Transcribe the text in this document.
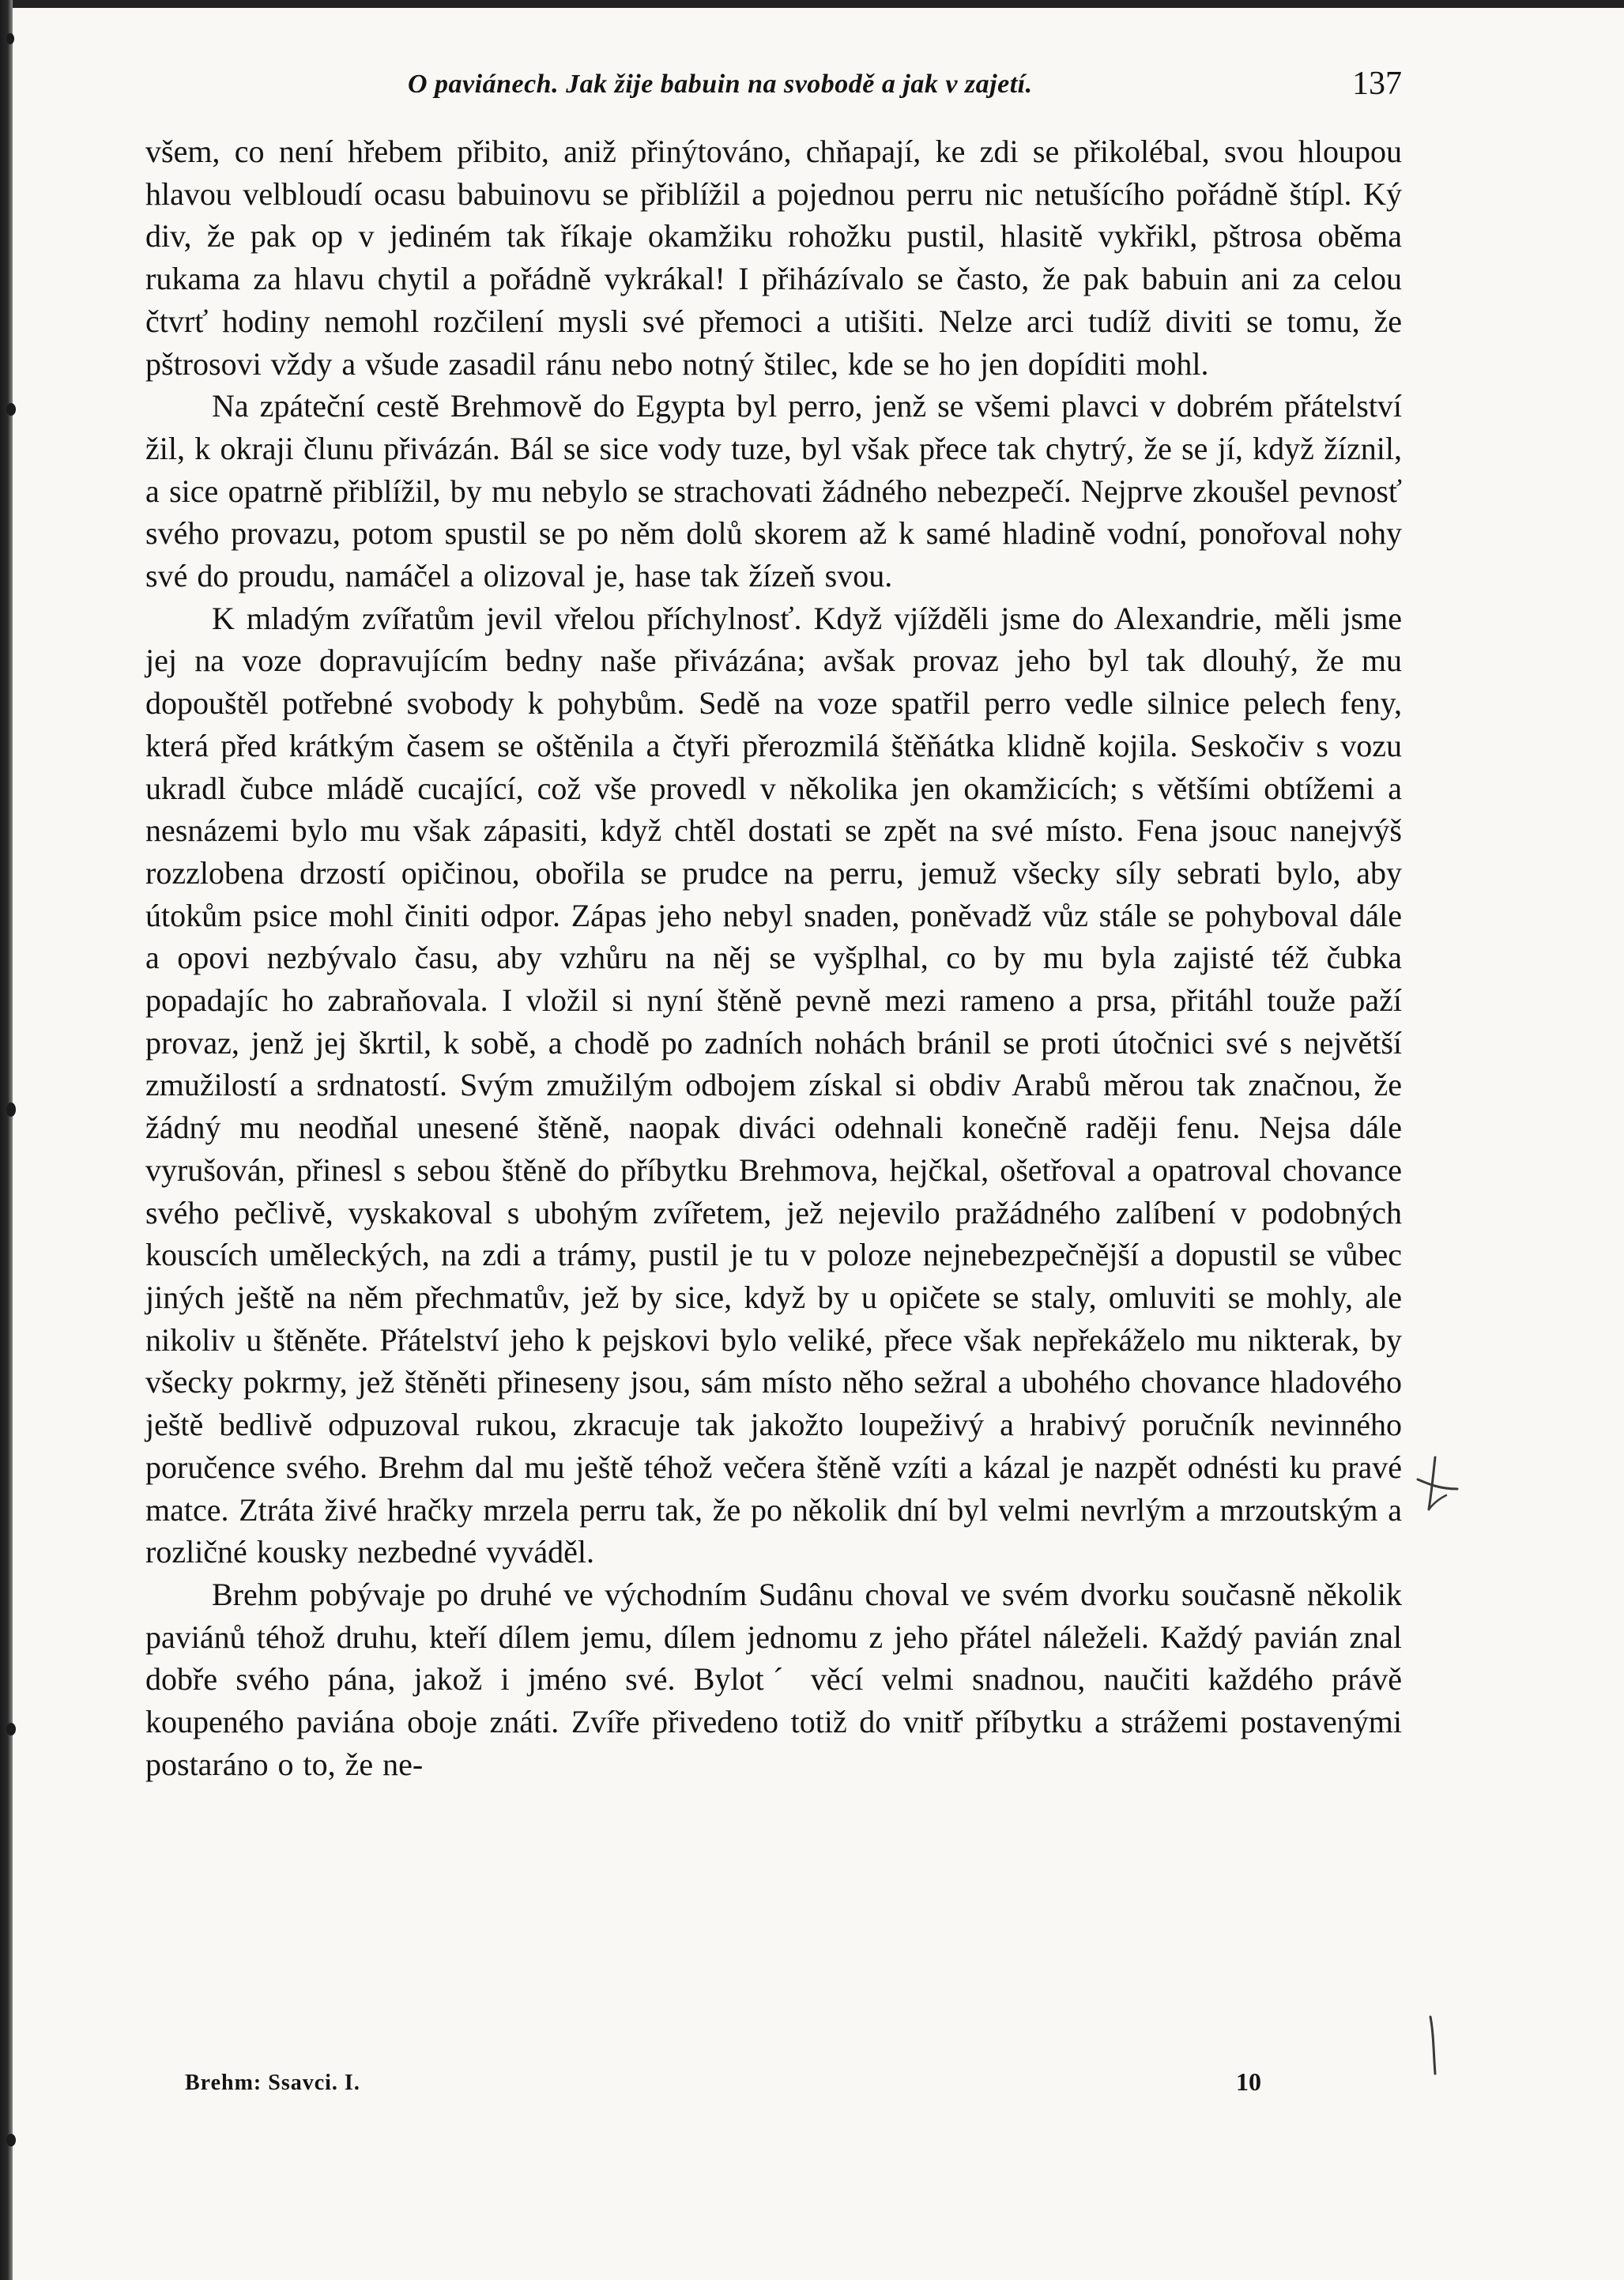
O paviánech. Jak žije babuin na svobodě a jak v zajetí.	137

všem, co není hřebem přibito, aniž přinýtováno, chňapají, ke zdi se přikolébal, svou hloupou hlavou velbloudí ocasu babuinovu se přiblížil a pojednou perru nic netušícího pořádně štípl. Ký div, že pak op v jediném tak říkaje okamžiku rohožku pustil, hlasitě vykřikl, pštrosa oběma rukama za hlavu chytil a pořádně vykrákal! I přiházívalo se často, že pak babuin ani za celou čtvrť hodiny nemohl rozčilení mysli své přemoci a utišiti. Nelze arci tudíž diviti se tomu, že pštrosovi vždy a všude zasadil ránu nebo notný štilec, kde se ho jen dopíditi mohl.

Na zpáteční cestě Brehmově do Egypta byl perro, jenž se všemi plavci v dobrém přátelství žil, k okraji člunu přivázán. Bál se sice vody tuze, byl však přece tak chytrý, že se jí, když žíznil, a sice opatrně přiblížil, by mu nebylo se strachovati žádného nebezpečí. Nejprve zkoušel pevnosť svého provazu, potom spustil se po něm dolů skorem až k samé hladině vodní, ponořoval nohy své do proudu, namáčel a olizoval je, hase tak žízeň svou.

K mladým zvířatům jevil vřelou příchylnosť. Když vjížděli jsme do Alexandrie, měli jsme jej na voze dopravujícím bedny naše přivázána; avšak provaz jeho byl tak dlouhý, že mu dopouštěl potřebné svobody k pohybům. Sedě na voze spatřil perro vedle silnice pelech feny, která před krátkým časem se oštěnila a čtyři přerozmilá štěňátka klidně kojila. Seskočiv s vozu ukradl čubce mládě cucající, což vše provedl v několika jen okamžicích; s většími obtížemi a nesnázemi bylo mu však zápasiti, když chtěl dostati se zpět na své místo. Fena jsouc nanejvýš rozzlobena drzostí opičinou, obořila se prudce na perru, jemuž všecky síly sebrati bylo, aby útokům psice mohl činiti odpor. Zápas jeho nebyl snaden, poněvadž vůz stále se pohyboval dále a opovi nezbývalo času, aby vzhůru na něj se vyšplhal, co by mu byla zajisté též čubka popadajíc ho zabraňovala. I vložil si nyní štěně pevně mezi rameno a prsa, přitáhl touže paží provaz, jenž jej škrtil, k sobě, a chodě po zadních nohách bránil se proti útočnici své s největší zmužilostí a srdnatostí. Svým zmužilým odbojem získal si obdiv Arabů měrou tak značnou, že žádný mu neodňal unesené štěně, naopak diváci odehnali konečně raději fenu. Nejsa dále vyrušován, přinesl s sebou štěně do příbytku Brehmova, hejčkal, ošetřoval a opatroval chovance svého pečlivě, vyskakoval s ubohým zvířetem, jež nejevilo pražádného zalíbení v podobných kouscích uměleckých, na zdi a trámy, pustil je tu v poloze nejnebezpečnější a dopustil se vůbec jiných ještě na něm přechmatův, jež by sice, když by u opičete se staly, omluviti se mohly, ale nikoliv u štěněte. Přátelství jeho k pejskovi bylo veliké, přece však nepřekáželo mu nikterak, by všecky pokrmy, jež štěněti přineseny jsou, sám místo něho sežral a ubohého chovance hladového ještě bedlivě odpuzoval rukou, zkracuje tak jakožto loupeživý a hrabivý poručník nevinného poručence svého. Brehm dal mu ještě téhož večera štěně vzíti a kázal je nazpět odnésti ku pravé matce. Ztráta živé hračky mrzela perru tak, že po několik dní byl velmi nevrlým a mrzoutským a rozličné kousky nezbedné vyváděl.

Brehm pobývaje po druhé ve východním Sudânu choval ve svém dvorku současně několik paviánů téhož druhu, kteří dílem jemu, dílem jednomu z jeho přátel náleželi. Každý pavián znal dobře svého pána, jakož i jméno své. Bylotˊ věcí velmi snadnou, naučiti každého právě koupeného paviána oboje znáti. Zvíře přivedeno totiž do vnitř příbytku a strážemi postavenými postaráno o to, že ne-

Brehm: Ssavci. I.	10
